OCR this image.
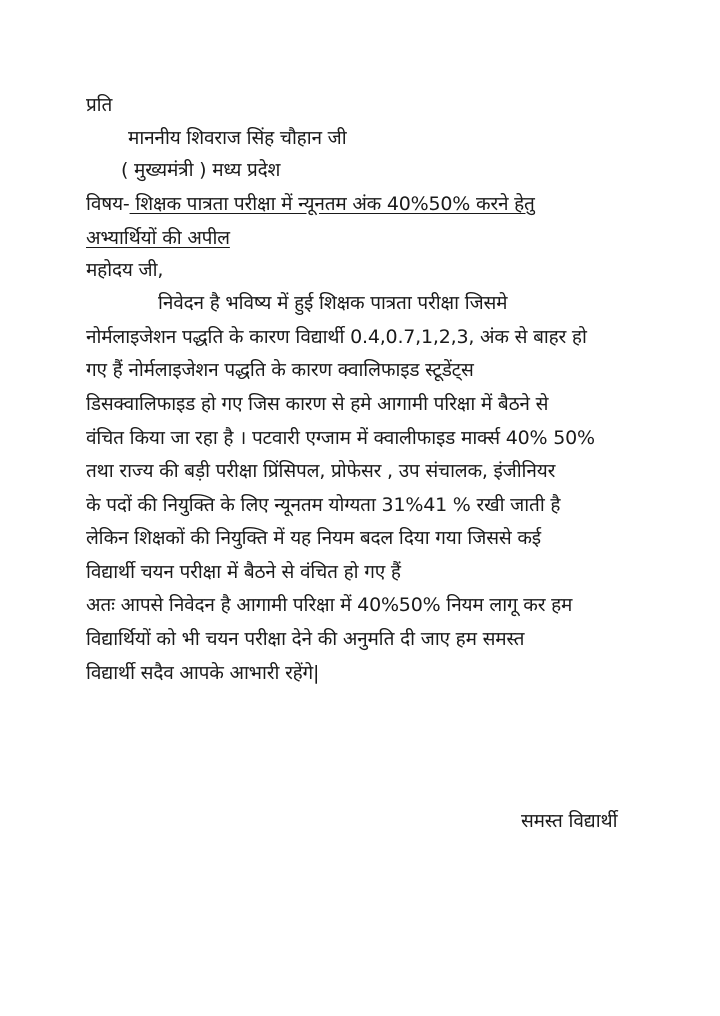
प्रति
माननीय शिवराज सिंह चौहान जी
( मुख्यमंत्री ) मध्य प्रदेश
विषय- शिक्षक पात्रता परीक्षा में न्यूनतम अंक 40%50% करने हेतु
अभ्यार्थियों की अपील
महोदय जी,
निवेदन है भविष्य में हुई शिक्षक पात्रता परीक्षा जिसमे
नोर्मलाइजेशन पद्धति के कारण विद्यार्थी 0.4,0.7,1,2,3, अंक से बाहर हो
गए हैं नोर्मलाइजेशन पद्धति के कारण क्वालिफाइड स्टूडेंट्स
डिसक्वालिफाइड हो गए जिस कारण से हमे आगामी परिक्षा में बैठने से
वंचित किया जा रहा है । पटवारी एग्जाम में क्वालीफाइड मार्क्स 40% 50%
तथा राज्य की बड़ी परीक्षा प्रिंसिपल, प्रोफेसर , उप संचालक, इंजीनियर
के पदों की नियुक्ति के लिए न्यूनतम योग्यता 31%41 % रखी जाती है
लेकिन शिक्षकों की नियुक्ति में यह नियम बदल दिया गया जिससे कई
विद्यार्थी चयन परीक्षा में बैठने से वंचित हो गए हैं
अतः आपसे निवेदन है आगामी परिक्षा में 40%50% नियम लागू कर हम
विद्यार्थियों को भी चयन परीक्षा देने की अनुमति दी जाए हम समस्त
विद्यार्थी सदैव आपके आभारी रहेंगे|
समस्त विद्यार्थी
